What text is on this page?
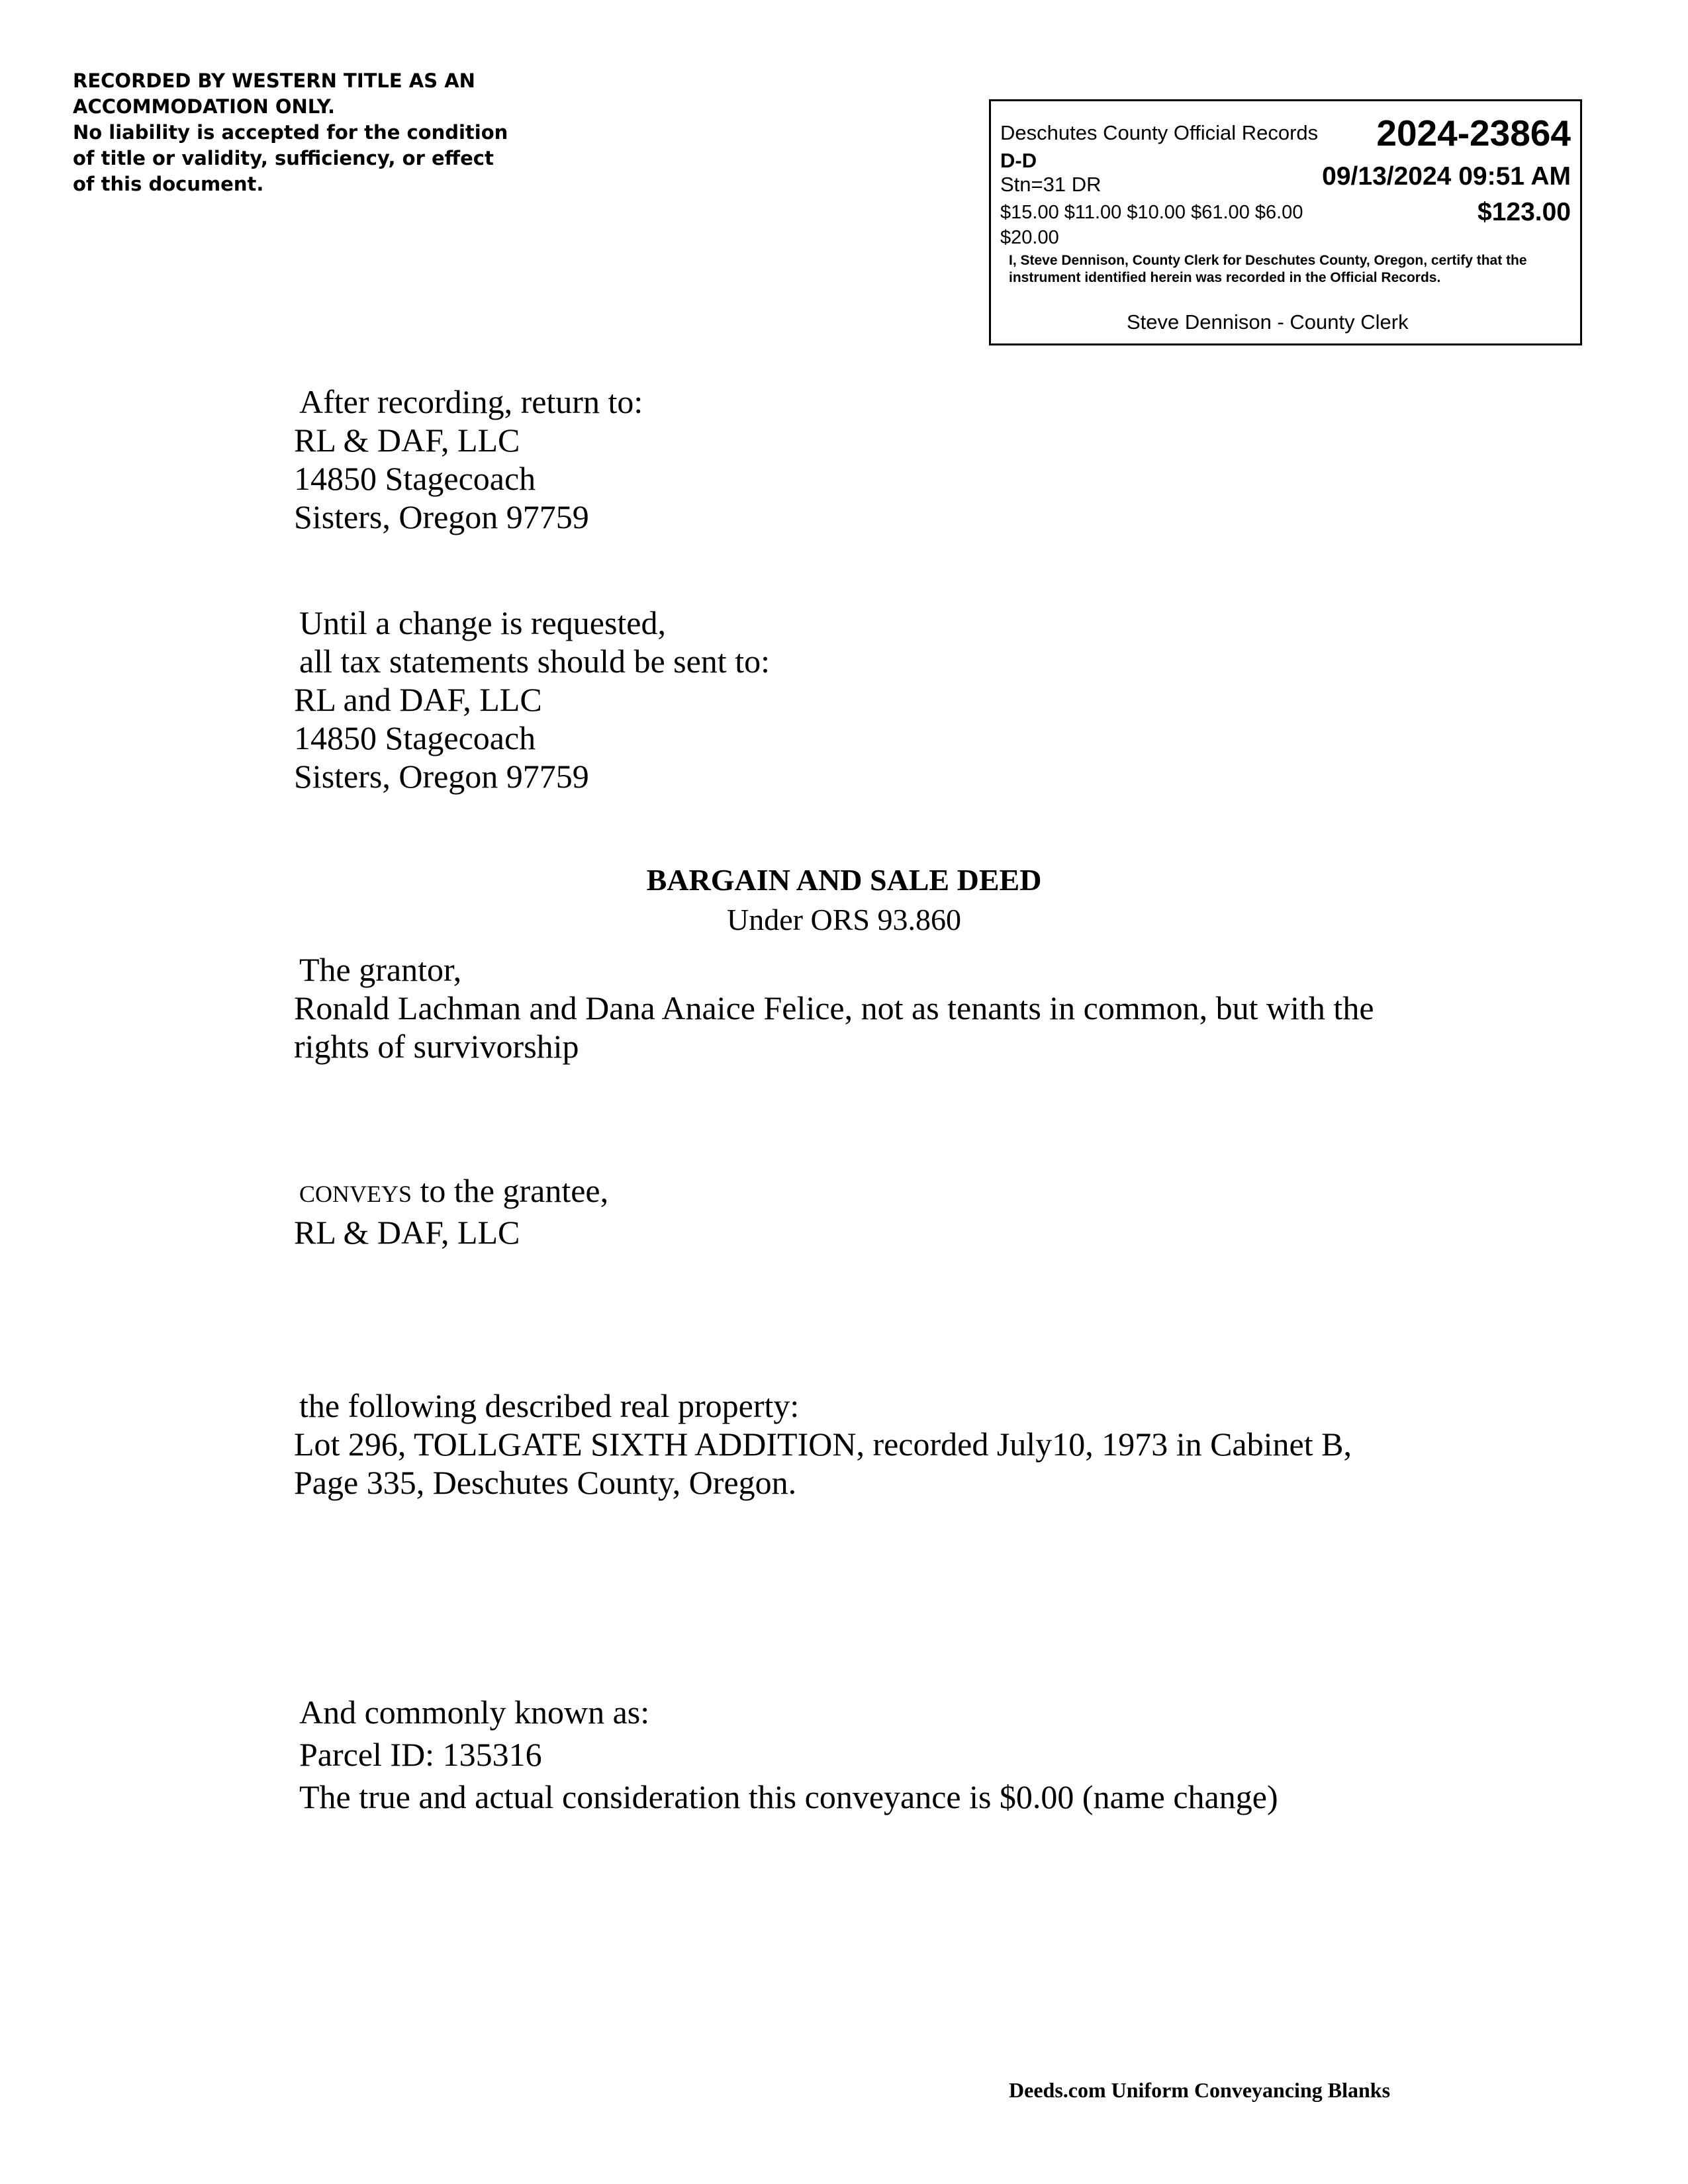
RECORDED BY WESTERN TITLE AS AN
ACCOMMODATION ONLY.
No liability is accepted for the condition
of title or validity, sufficiency, or effect
of this document.
Deschutes County Official Records 2024-23864
D-D
Stn=31 DR	09/13/2024 09:51 AM
$15.00 $11.00 $10.00 $61.00 $6.00	$123.00
$20.00
I, Steve Dennison, County Clerk for Deschutes County, Oregon, certify that the instrument identified herein was recorded in the Official Records.
Steve Dennison - County Clerk
After recording, return to:
RL & DAF, LLC
14850 Stagecoach
Sisters, Oregon 97759
Until a change is requested,
all tax statements should be sent to:
RL and DAF, LLC
14850 Stagecoach
Sisters, Oregon 97759
BARGAIN AND SALE DEED
Under ORS 93.860
The grantor,
Ronald Lachman and Dana Anaice Felice, not as tenants in common, but with the
rights of survivorship
CONVEYS to the grantee,
RL & DAF, LLC
the following described real property:
Lot 296, TOLLGATE SIXTH ADDITION, recorded July10, 1973 in Cabinet B,
Page 335, Deschutes County, Oregon.
And commonly known as:
Parcel ID: 135316
The true and actual consideration this conveyance is $0.00 (name change)
Deeds.com Uniform Conveyancing Blanks
